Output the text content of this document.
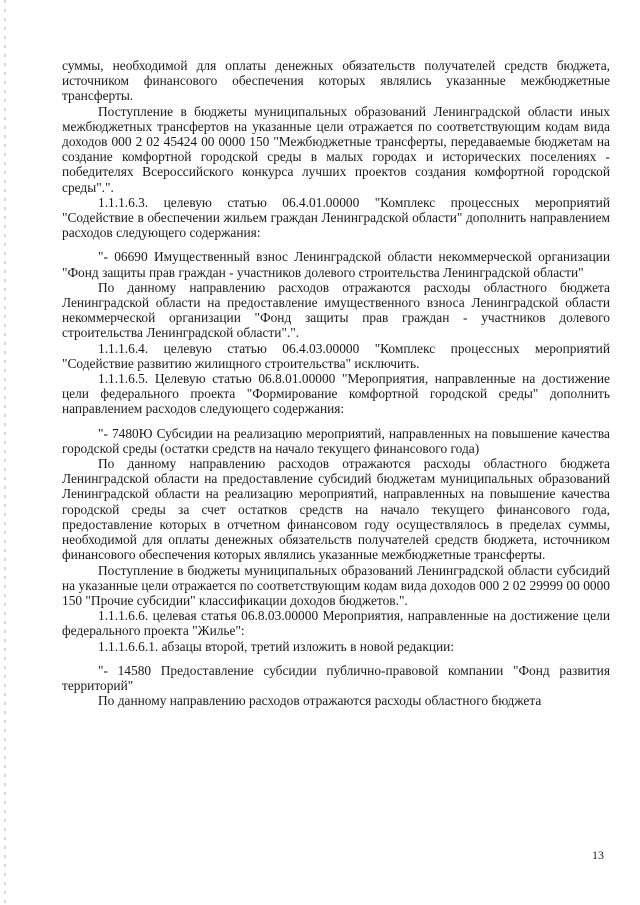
суммы, необходимой для оплаты денежных обязательств получателей средств бюджета, источником финансового обеспечения которых являлись указанные межбюджетные трансферты.

Поступление в бюджеты муниципальных образований Ленинградской области иных межбюджетных трансфертов на указанные цели отражается по соответствующим кодам вида доходов 000 2 02 45424 00 0000 150 "Межбюджетные трансферты, передаваемые бюджетам на создание комфортной городской среды в малых городах и исторических поселениях - победителях Всероссийского конкурса лучших проектов создания комфортной городской среды".".

1.1.1.6.3. целевую статью 06.4.01.00000 "Комплекс процессных мероприятий "Содействие в обеспечении жильем граждан Ленинградской области" дополнить направлением расходов следующего содержания:

"- 06690 Имущественный взнос Ленинградской области некоммерческой организации "Фонд защиты прав граждан - участников долевого строительства Ленинградской области"

По данному направлению расходов отражаются расходы областного бюджета Ленинградской области на предоставление имущественного взноса Ленинградской области некоммерческой организации "Фонд защиты прав граждан - участников долевого строительства Ленинградской области".".

1.1.1.6.4. целевую статью 06.4.03.00000 "Комплекс процессных мероприятий "Содействие развитию жилищного строительства" исключить.

1.1.1.6.5. Целевую статью 06.8.01.00000 "Мероприятия, направленные на достижение цели федерального проекта "Формирование комфортной городской среды" дополнить направлением расходов следующего содержания:

"- 7480Ю Субсидии на реализацию мероприятий, направленных на повышение качества городской среды (остатки средств на начало текущего финансового года)

По данному направлению расходов отражаются расходы областного бюджета Ленинградской области на предоставление субсидий бюджетам муниципальных образований Ленинградской области на реализацию мероприятий, направленных на повышение качества городской среды за счет остатков средств на начало текущего финансового года, предоставление которых в отчетном финансовом году осуществлялось в пределах суммы, необходимой для оплаты денежных обязательств получателей средств бюджета, источником финансового обеспечения которых являлись указанные межбюджетные трансферты.

Поступление в бюджеты муниципальных образований Ленинградской области субсидий на указанные цели отражается по соответствующим кодам вида доходов 000 2 02 29999 00 0000 150 "Прочие субсидии" классификации доходов бюджетов.".

1.1.1.6.6. целевая статья 06.8.03.00000 Мероприятия, направленные на достижение цели федерального проекта "Жилье":

1.1.1.6.6.1. абзацы второй, третий изложить в новой редакции:

"- 14580 Предоставление субсидии публично-правовой компании "Фонд развития территорий"

По данному направлению расходов отражаются расходы областного бюджета

13
